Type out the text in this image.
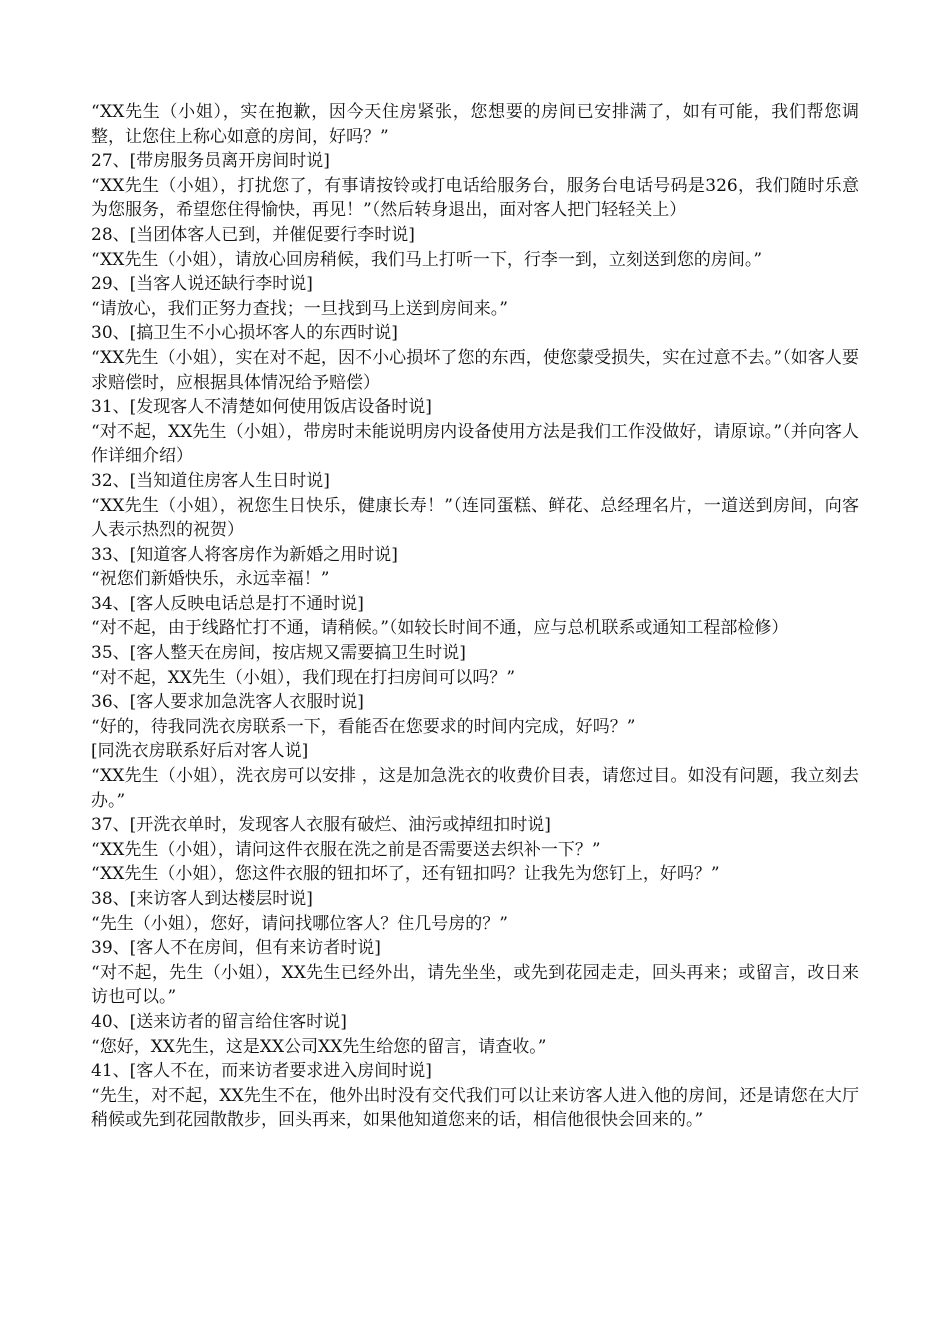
“XX先生（小姐），实在抱歉，因今天住房紧张，您想要的房间已安排满了，如有可能，我们帮您调整，让您住上称心如意的房间，好吗？”

27、[带房服务员离开房间时说]

“XX先生（小姐），打扰您了，有事请按铃或打电话给服务台，服务台电话号码是326，我们随时乐意为您服务，希望您住得愉快，再见！”（然后转身退出，面对客人把门轻轻关上）

28、[当团体客人已到，并催促要行李时说]

“XX先生（小姐），请放心回房稍候，我们马上打听一下，行李一到，立刻送到您的房间。”

29、[当客人说还缺行李时说]

“请放心，我们正努力查找；一旦找到马上送到房间来。”

30、[搞卫生不小心损坏客人的东西时说]

“XX先生（小姐），实在对不起，因不小心损坏了您的东西，使您蒙受损失，实在过意不去。”（如客人要求赔偿时，应根据具体情况给予赔偿）

31、[发现客人不清楚如何使用饭店设备时说]

“对不起，XX先生（小姐），带房时未能说明房内设备使用方法是我们工作没做好，请原谅。”（并向客人作详细介绍）

32、[当知道住房客人生日时说]

“XX先生（小姐），祝您生日快乐，健康长寿！”（连同蛋糕、鲜花、总经理名片，一道送到房间，向客人表示热烈的祝贺）

33、[知道客人将客房作为新婚之用时说]

“祝您们新婚快乐，永远幸福！”

34、[客人反映电话总是打不通时说]

“对不起，由于线路忙打不通，请稍候。”（如较长时间不通，应与总机联系或通知工程部检修）

35、[客人整天在房间，按店规又需要搞卫生时说]

“对不起，XX先生（小姐），我们现在打扫房间可以吗？”

36、[客人要求加急洗客人衣服时说]

“好的，待我同洗衣房联系一下，看能否在您要求的时间内完成，好吗？”

[同洗衣房联系好后对客人说]

“XX先生（小姐），洗衣房可以安排 ，这是加急洗衣的收费价目表，请您过目。如没有问题，我立刻去办。”

37、[开洗衣单时，发现客人衣服有破烂、油污或掉纽扣时说]

“XX先生（小姐），请问这件衣服在洗之前是否需要送去织补一下？”

“XX先生（小姐），您这件衣服的钮扣坏了，还有钮扣吗？让我先为您钉上，好吗？”

38、[来访客人到达楼层时说]

“先生（小姐），您好，请问找哪位客人？住几号房的？”

39、[客人不在房间，但有来访者时说]

“对不起，先生（小姐），XX先生已经外出，请先坐坐，或先到花园走走，回头再来；或留言，改日来访也可以。”

40、[送来访者的留言给住客时说]

“您好，XX先生，这是XX公司XX先生给您的留言，请查收。”

41、[客人不在，而来访者要求进入房间时说]

“先生，对不起，XX先生不在，他外出时没有交代我们可以让来访客人进入他的房间，还是请您在大厅稍候或先到花园散散步，回头再来，如果他知道您来的话，相信他很快会回来的。”
